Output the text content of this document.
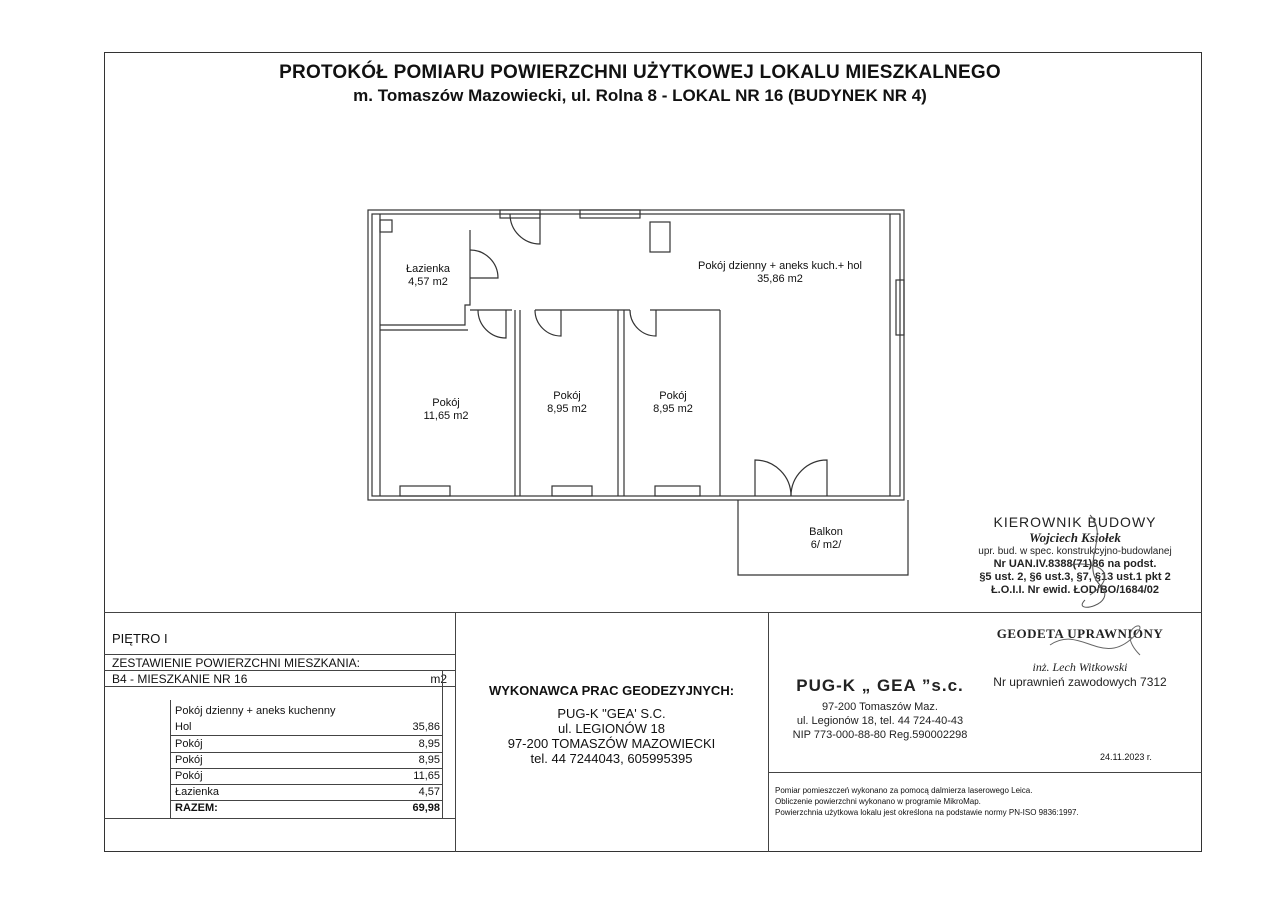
PROTOKÓŁ POMIARU POWIERZCHNI UŻYTKOWEJ LOKALU MIESZKALNEGO
m. Tomaszów Mazowiecki, ul. Rolna 8 - LOKAL NR 16 (BUDYNEK NR 4)
Łazienka
4,57 m2
Pokój dzienny + aneks kuch.+ hol
35,86 m2
Pokój
11,65 m2
Pokój
8,95 m2
Pokój
8,95 m2
Balkon
6/ m2/
KIEROWNIK BUDOWY
Wojciech Ksiołek
upr. bud. w spec. konstrukcyjno-budowlanej
Nr UAN.IV.8388(71)86 na podst.
§5 ust. 2, §6 ust.3, §7, §13 ust.1 pkt 2
Ł.O.I.I. Nr ewid. ŁOD/BO/1684/02
PIĘTRO I
ZESTAWIENIE POWIERZCHNI MIESZKANIA:
B4 - MIESZKANIE NR 16	m2
Pokój dzienny + aneks kuchenny
Hol	35,86
Pokój	8,95
Pokój	8,95
Pokój	11,65
Łazienka	4,57
RAZEM:	69,98
WYKONAWCA PRAC GEODEZYJNYCH:
PUG-K "GEA' S.C.
ul. LEGIONÓW 18
97-200 TOMASZÓW MAZOWIECKI
tel. 44 7244043, 605995395
PUG-K „ GEA ”s.c.
97-200 Tomaszów Maz.
ul. Legionów 18, tel. 44 724-40-43
NIP 773-000-88-80 Reg.590002298
GEODETA UPRAWNIONY
inż. Lech Witkowski
Nr uprawnień zawodowych 7312
24.11.2023 r.
Pomiar pomieszczeń wykonano za pomocą dalmierza laserowego Leica.
Obliczenie powierzchni wykonano w programie MikroMap.
Powierzchnia użytkowa lokalu jest określona na podstawie normy PN-ISO 9836:1997.
